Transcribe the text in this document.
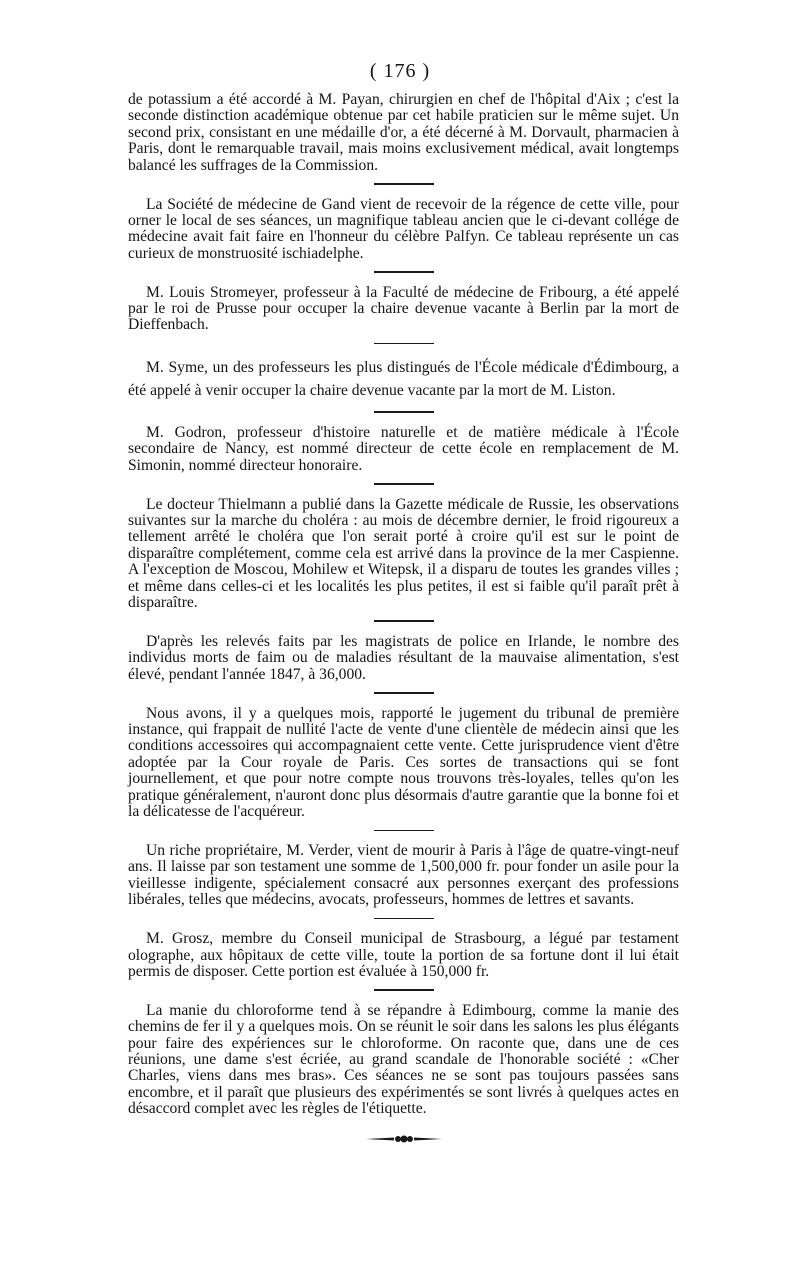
( 176 )

de potassium a été accordé à M. Payan, chirurgien en chef de l'hôpital d'Aix ; c'est la seconde distinction académique obtenue par cet habile praticien sur le même sujet. Un second prix, consistant en une médaille d'or, a été décerné à M. Dorvault, pharmacien à Paris, dont le remarquable travail, mais moins exclusivement médical, avait longtemps balancé les suffrages de la Commission.

La Société de médecine de Gand vient de recevoir de la régence de cette ville, pour orner le local de ses séances, un magnifique tableau ancien que le ci-devant collége de médecine avait fait faire en l'honneur du célèbre Palfyn. Ce tableau représente un cas curieux de monstruosité ischiadelphe.

M. Louis Stromeyer, professeur à la Faculté de médecine de Fribourg, a été appelé par le roi de Prusse pour occuper la chaire devenue vacante à Berlin par la mort de Dieffenbach.

M. Syme, un des professeurs les plus distingués de l'École médicale d'Édimbourg, a été appelé à venir occuper la chaire devenue vacante par la mort de M. Liston.

M. Godron, professeur d'histoire naturelle et de matière médicale à l'École secondaire de Nancy, est nommé directeur de cette école en remplacement de M. Simonin, nommé directeur honoraire.

Le docteur Thielmann a publié dans la Gazette médicale de Russie, les observations suivantes sur la marche du choléra : au mois de décembre dernier, le froid rigoureux a tellement arrêté le choléra que l'on serait porté à croire qu'il est sur le point de disparaître complétement, comme cela est arrivé dans la province de la mer Caspienne. A l'exception de Moscou, Mohilew et Witepsk, il a disparu de toutes les grandes villes ; et même dans celles-ci et les localités les plus petites, il est si faible qu'il paraît prêt à disparaître.

D'après les relevés faits par les magistrats de police en Irlande, le nombre des individus morts de faim ou de maladies résultant de la mauvaise alimentation, s'est élevé, pendant l'année 1847, à 36,000.

Nous avons, il y a quelques mois, rapporté le jugement du tribunal de première instance, qui frappait de nullité l'acte de vente d'une clientèle de médecin ainsi que les conditions accessoires qui accompagnaient cette vente. Cette jurisprudence vient d'être adoptée par la Cour royale de Paris. Ces sortes de transactions qui se font journellement, et que pour notre compte nous trouvons très-loyales, telles qu'on les pratique généralement, n'auront donc plus désormais d'autre garantie que la bonne foi et la délicatesse de l'acquéreur.

Un riche propriétaire, M. Verder, vient de mourir à Paris à l'âge de quatre-vingt-neuf ans. Il laisse par son testament une somme de 1,500,000 fr. pour fonder un asile pour la vieillesse indigente, spécialement consacré aux personnes exerçant des professions libérales, telles que médecins, avocats, professeurs, hommes de lettres et savants.

M. Grosz, membre du Conseil municipal de Strasbourg, a légué par testament olographe, aux hôpitaux de cette ville, toute la portion de sa fortune dont il lui était permis de disposer. Cette portion est évaluée à 150,000 fr.

La manie du chloroforme tend à se répandre à Edimbourg, comme la manie des chemins de fer il y a quelques mois. On se réunit le soir dans les salons les plus élégants pour faire des expériences sur le chloroforme. On raconte que, dans une de ces réunions, une dame s'est écriée, au grand scandale de l'honorable société : «Cher Charles, viens dans mes bras». Ces séances ne se sont pas toujours passées sans encombre, et il paraît que plusieurs des expérimentés se sont livrés à quelques actes en désaccord complet avec les règles de l'étiquette.
